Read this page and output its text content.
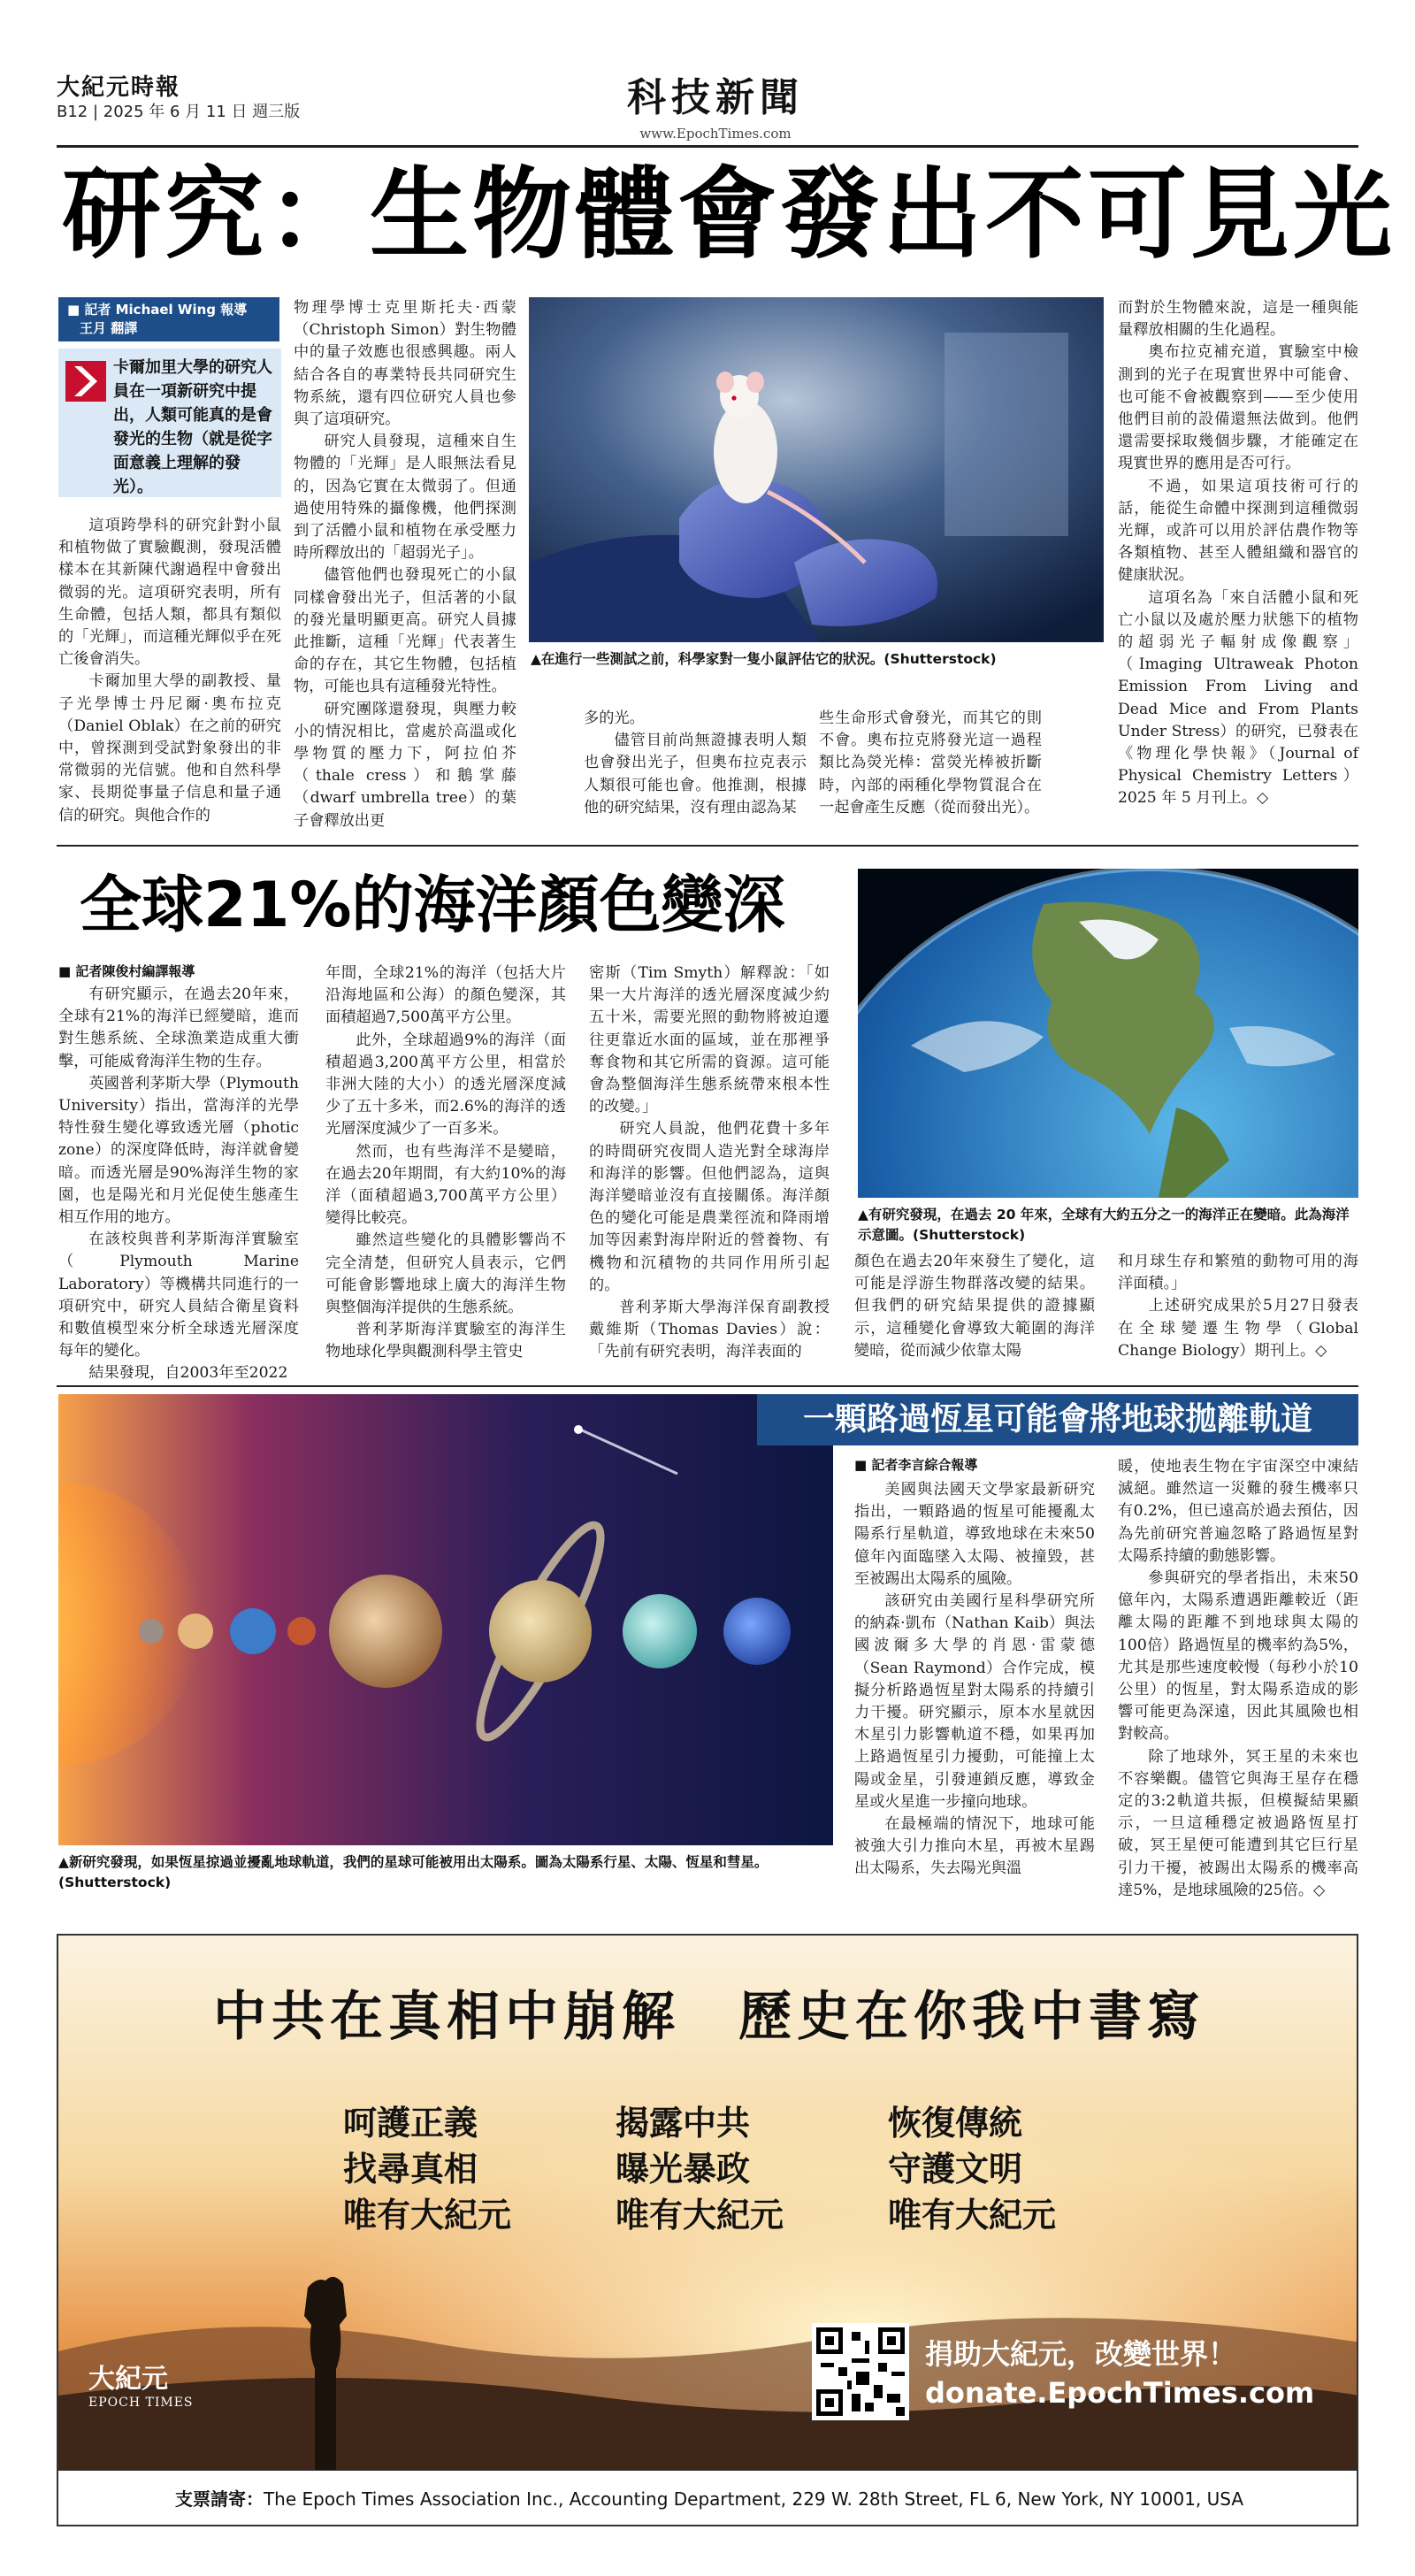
大紀元時報
B12 | 2025 年 6 月 11 日 週三版	科技新聞
www.EpochTimes.com
研究：生物體會發出不可見光
■ 記者 Michael Wing 報導
王月 翻譯
卡爾加里大學的研究人員在一項新研究中提出，人類可能真的是會發光的生物（就是從字面意義上理解的發光）。

這項跨學科的研究針對小鼠和植物做了實驗觀測，發現活體樣本在其新陳代謝過程中會發出微弱的光。這項研究表明，所有生命體，包括人類，都具有類似的「光輝」，而這種光輝似乎在死亡後會消失。

卡爾加里大學的副教授、量子光學博士丹尼爾·奧布拉克（Daniel Oblak）在之前的研究中，曾探測到受試對象發出的非常微弱的光信號。他和自然科學家、長期從事量子信息和量子通信的研究。與他合作的

物理學博士克里斯托夫·西蒙（Christoph Simon）對生物體中的量子效應也很感興趣。兩人結合各自的專業特長共同研究生物系統，還有四位研究人員也參與了這項研究。

研究人員發現，這種來自生物體的「光輝」是人眼無法看見的，因為它實在太微弱了。但通過使用特殊的攝像機，他們探測到了活體小鼠和植物在承受壓力時所釋放出的「超弱光子」。

儘管他們也發現死亡的小鼠同樣會發出光子，但活著的小鼠的發光量明顯更高。研究人員據此推斷，這種「光輝」代表著生命的存在，其它生物體，包括植物，可能也具有這種發光特性。

研究團隊還發現，與壓力較小的情況相比，當處於高溫或化學物質的壓力下，阿拉伯芥（thale cress）和鵝掌藤（dwarf umbrella tree）的葉子會釋放出更

▲在進行一些測試之前，科學家對一隻小鼠評估它的狀況。(Shutterstock)

多的光。

儘管目前尚無證據表明人類也會發出光子，但奧布拉克表示人類很可能也會。他推測，根據他的研究結果，沒有理由認為某

些生命形式會發光，而其它的則不會。奧布拉克將發光這一過程類比為熒光棒：當熒光棒被折斷時，內部的兩種化學物質混合在一起會產生反應（從而發出光）。

而對於生物體來說，這是一種與能量釋放相關的生化過程。

奧布拉克補充道，實驗室中檢測到的光子在現實世界中可能會、也可能不會被觀察到——至少使用他們目前的設備還無法做到。他們還需要採取幾個步驟，才能確定在現實世界的應用是否可行。

不過，如果這項技術可行的話，能從生命體中探測到這種微弱光輝，或許可以用於評估農作物等各類植物、甚至人體組織和器官的健康狀況。

這項名為「來自活體小鼠和死亡小鼠以及處於壓力狀態下的植物的超弱光子輻射成像觀察」（Imaging Ultraweak Photon Emission From Living and Dead Mice and From Plants Under Stress）的研究，已發表在《物理化學快報》（Journal of Physical Chemistry Letters）2025 年 5 月刊上。◇

全球21%的海洋顏色變深
▲有研究發現，在過去 20 年來，全球有大約五分之一的海洋正在變暗。此為海洋示意圖。(Shutterstock)
■ 記者陳俊村編譯報導

有研究顯示，在過去20年來，全球有21%的海洋已經變暗，進而對生態系統、全球漁業造成重大衝擊，可能威脅海洋生物的生存。

英國普利茅斯大學（Plymouth University）指出，當海洋的光學特性發生變化導致透光層（photic zone）的深度降低時，海洋就會變暗。而透光層是90%海洋生物的家園，也是陽光和月光促使生態產生相互作用的地方。

在該校與普利茅斯海洋實驗室（Plymouth Marine Laboratory）等機構共同進行的一項研究中，研究人員結合衛星資料和數值模型來分析全球透光層深度每年的變化。

結果發現，自2003年至2022

年間，全球21%的海洋（包括大片沿海地區和公海）的顏色變深，其面積超過7,500萬平方公里。

此外，全球超過9%的海洋（面積超過3,200萬平方公里，相當於非洲大陸的大小）的透光層深度減少了五十多米，而2.6%的海洋的透光層深度減少了一百多米。

然而，也有些海洋不是變暗，在過去20年期間，有大約10%的海洋（面積超過3,700萬平方公里）變得比較亮。

雖然這些變化的具體影響尚不完全清楚，但研究人員表示，它們可能會影響地球上廣大的海洋生物與整個海洋提供的生態系統。

普利茅斯海洋實驗室的海洋生物地球化學與觀測科學主管史

密斯（Tim Smyth）解釋說：「如果一大片海洋的透光層深度減少約五十米，需要光照的動物將被迫遷往更靠近水面的區域，並在那裡爭奪食物和其它所需的資源。這可能會為整個海洋生態系統帶來根本性的改變。」

研究人員說，他們花費十多年的時間研究夜間人造光對全球海岸和海洋的影響。但他們認為，這與海洋變暗並沒有直接關係。海洋顏色的變化可能是農業徑流和降雨增加等因素對海岸附近的營養物、有機物和沉積物的共同作用所引起的。

普利茅斯大學海洋保育副教授戴維斯（Thomas Davies）說：「先前有研究表明，海洋表面的

顏色在過去20年來發生了變化，這可能是浮游生物群落改變的結果。但我們的研究結果提供的證據顯示，這種變化會導致大範圍的海洋變暗，從而減少依靠太陽

和月球生存和繁殖的動物可用的海洋面積。」

上述研究成果於5月27日發表在全球變遷生物學（Global Change Biology）期刊上。◇

▲新研究發現，如果恆星掠過並擾亂地球軌道，我們的星球可能被用出太陽系。圖為太陽系行星、太陽、恆星和彗星。(Shutterstock)
一顆路過恆星可能會將地球拋離軌道
■ 記者李言綜合報導

美國與法國天文學家最新研究指出，一顆路過的恆星可能擾亂太陽系行星軌道，導致地球在未來50億年內面臨墜入太陽、被撞毀，甚至被踢出太陽系的風險。

該研究由美國行星科學研究所的納森·凱布（Nathan Kaib）與法國波爾多大學的肖恩·雷蒙德（Sean Raymond）合作完成，模擬分析路過恆星對太陽系的持續引力干擾。研究顯示，原本水星就因木星引力影響軌道不穩，如果再加上路過恆星引力擾動，可能撞上太陽或金星，引發連鎖反應，導致金星或火星進一步撞向地球。

在最極端的情況下，地球可能被強大引力推向木星，再被木星踢出太陽系，失去陽光與溫

暖，使地表生物在宇宙深空中凍結滅絕。雖然這一災難的發生機率只有0.2%，但已遠高於過去預估，因為先前研究普遍忽略了路過恆星對太陽系持續的動態影響。

參與研究的學者指出，未來50億年內，太陽系遭遇距離較近（距離太陽的距離不到地球與太陽的100倍）路過恆星的機率約為5%，尤其是那些速度較慢（每秒小於10公里）的恆星，對太陽系造成的影響可能更為深遠，因此其風險也相對較高。

除了地球外，冥王星的未來也不容樂觀。儘管它與海王星存在穩定的3:2軌道共振，但模擬結果顯示，一旦這種穩定被過路恆星打破，冥王星便可能遭到其它巨行星引力干擾，被踢出太陽系的機率高達5%，是地球風險的25倍。◇

中共在真相中崩解　歷史在你我中書寫
呵護正義
找尋真相
唯有大紀元
揭露中共
曝光暴政
唯有大紀元
恢復傳統
守護文明
唯有大紀元
大紀元
EPOCH TIMES
捐助大紀元，改變世界！
donate.EpochTimes.com
支票請寄：The Epoch Times Association Inc., Accounting Department, 229 W. 28th Street, FL 6, New York, NY 10001, USA
